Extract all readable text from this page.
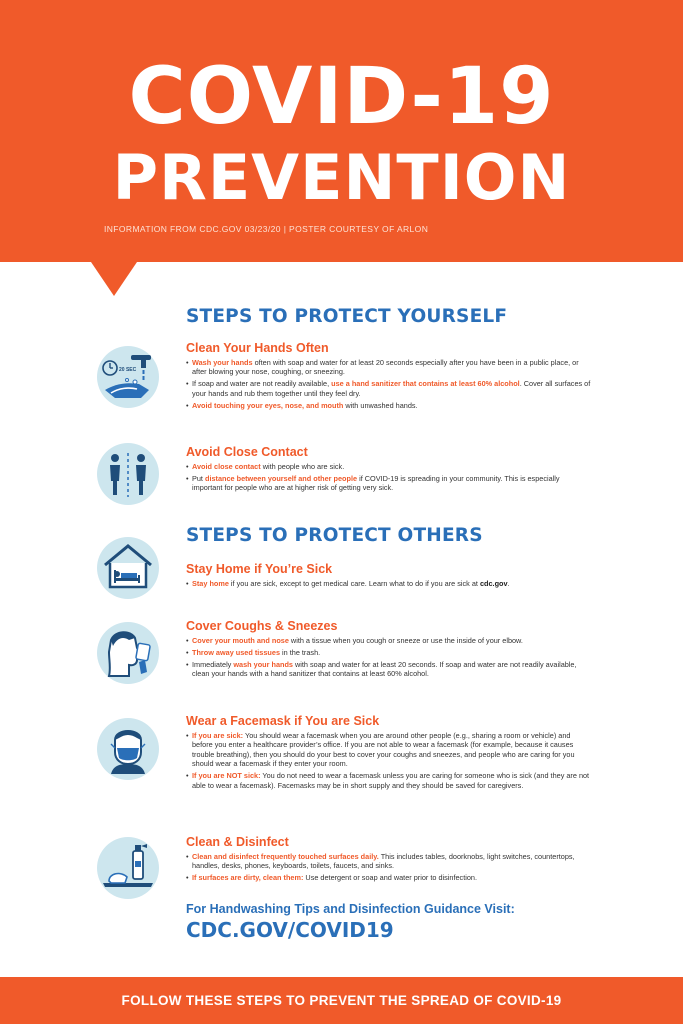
COVID-19
PREVENTION
INFORMATION FROM CDC.GOV 03/23/20 | POSTER COURTESY OF ARLON
STEPS TO PROTECT YOURSELF
20 SEC
Clean Your Hands Often
• Wash your hands often with soap and water for at least 20 seconds especially after you have been in a public place, or after blowing your nose, coughing, or sneezing.
• If soap and water are not readily available, use a hand sanitizer that contains at least 60% alcohol. Cover all surfaces of your hands and rub them together until they feel dry.
• Avoid touching your eyes, nose, and mouth with unwashed hands.
Avoid Close Contact
• Avoid close contact with people who are sick.
• Put distance between yourself and other people if COVID-19 is spreading in your community. This is especially important for people who are at higher risk of getting very sick.
STEPS TO PROTECT OTHERS
Stay Home if You’re Sick
• Stay home if you are sick, except to get medical care. Learn what to do if you are sick at cdc.gov.
Cover Coughs & Sneezes
• Cover your mouth and nose with a tissue when you cough or sneeze or use the inside of your elbow.
• Throw away used tissues in the trash.
• Immediately wash your hands with soap and water for at least 20 seconds. If soap and water are not readily available, clean your hands with a hand sanitizer that contains at least 60% alcohol.
Wear a Facemask if You are Sick
• If you are sick: You should wear a facemask when you are around other people (e.g., sharing a room or vehicle) and before you enter a healthcare provider’s office. If you are not able to wear a facemask (for example, because it causes trouble breathing), then you should do your best to cover your coughs and sneezes, and people who are caring for you should wear a facemask if they enter your room.
• If you are NOT sick: You do not need to wear a facemask unless you are caring for someone who is sick (and they are not able to wear a facemask). Facemasks may be in short supply and they should be saved for caregivers.
Clean & Disinfect
• Clean and disinfect frequently touched surfaces daily. This includes tables, doorknobs, light switches, countertops, handles, desks, phones, keyboards, toilets, faucets, and sinks.
• If surfaces are dirty, clean them: Use detergent or soap and water prior to disinfection.
For Handwashing Tips and Disinfection Guidance Visit:
CDC.GOV/COVID19
FOLLOW THESE STEPS TO PREVENT THE SPREAD OF COVID-19
